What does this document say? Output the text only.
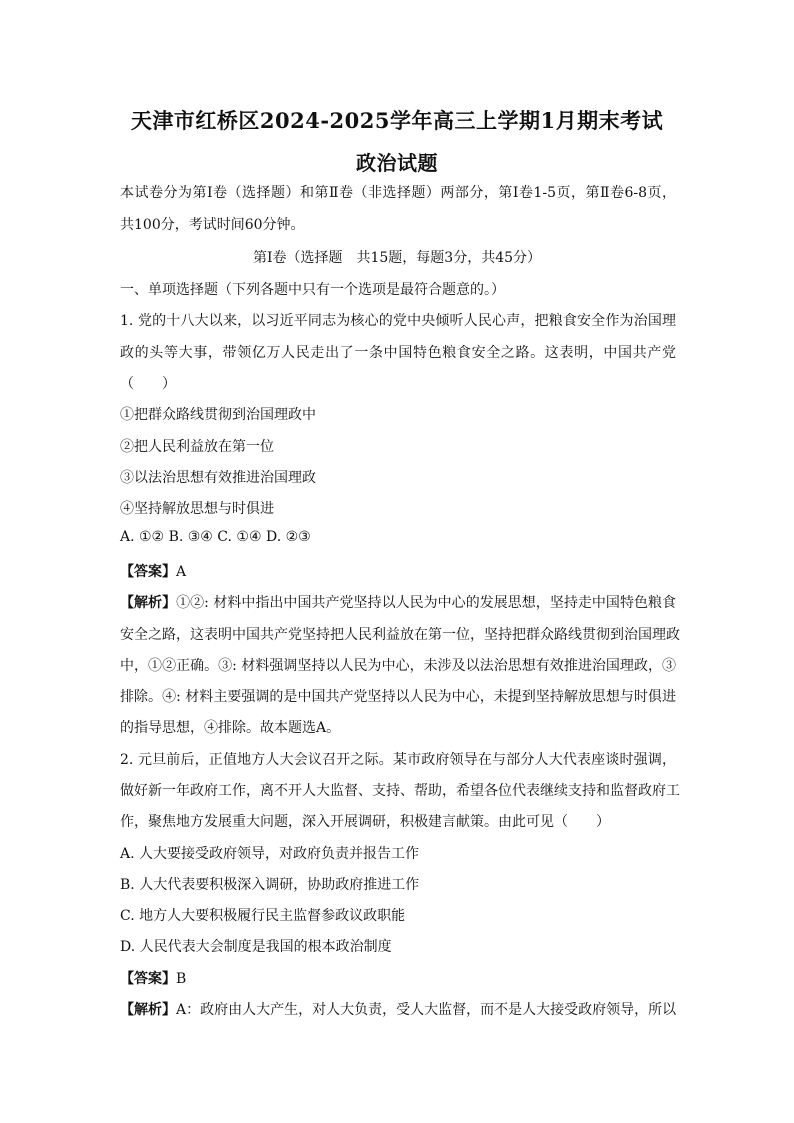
天津市红桥区2024-2025学年高三上学期1月期末考试
政治试题
本试卷分为第Ⅰ卷（选择题）和第Ⅱ卷（非选择题）两部分，第Ⅰ卷1-5页，第Ⅱ卷6-8页，
共100分，考试时间60分钟。
第Ⅰ卷（选择题　共15题，每题3分，共45分）
一、单项选择题（下列各题中只有一个选项是最符合题意的。）
1. 党的十八大以来，以习近平同志为核心的党中央倾听人民心声，把粮食安全作为治国理
政的头等大事，带领亿万人民走出了一条中国特色粮食安全之路。这表明，中国共产党
（　　）
①把群众路线贯彻到治国理政中
②把人民利益放在第一位
③以法治思想有效推进治国理政
④坚持解放思想与时俱进
A. ①② B. ③④ C. ①④ D. ②③
【答案】A
【解析】①②: 材料中指出中国共产党坚持以人民为中心的发展思想，坚持走中国特色粮食
安全之路，这表明中国共产党坚持把人民利益放在第一位，坚持把群众路线贯彻到治国理政
中，①②正确。③: 材料强调坚持以人民为中心，未涉及以法治思想有效推进治国理政，③
排除。④: 材料主要强调的是中国共产党坚持以人民为中心，未提到坚持解放思想与时俱进
的指导思想，④排除。故本题选A。
2. 元旦前后，正值地方人大会议召开之际。某市政府领导在与部分人大代表座谈时强调，
做好新一年政府工作，离不开人大监督、支持、帮助，希望各位代表继续支持和监督政府工
作，聚焦地方发展重大问题，深入开展调研，积极建言献策。由此可见（　　）
A. 人大要接受政府领导，对政府负责并报告工作
B. 人大代表要积极深入调研，协助政府推进工作
C. 地方人大要积极履行民主监督参政议政职能
D. 人民代表大会制度是我国的根本政治制度
【答案】B
【解析】A：政府由人大产生，对人大负责，受人大监督，而不是人大接受政府领导，所以
